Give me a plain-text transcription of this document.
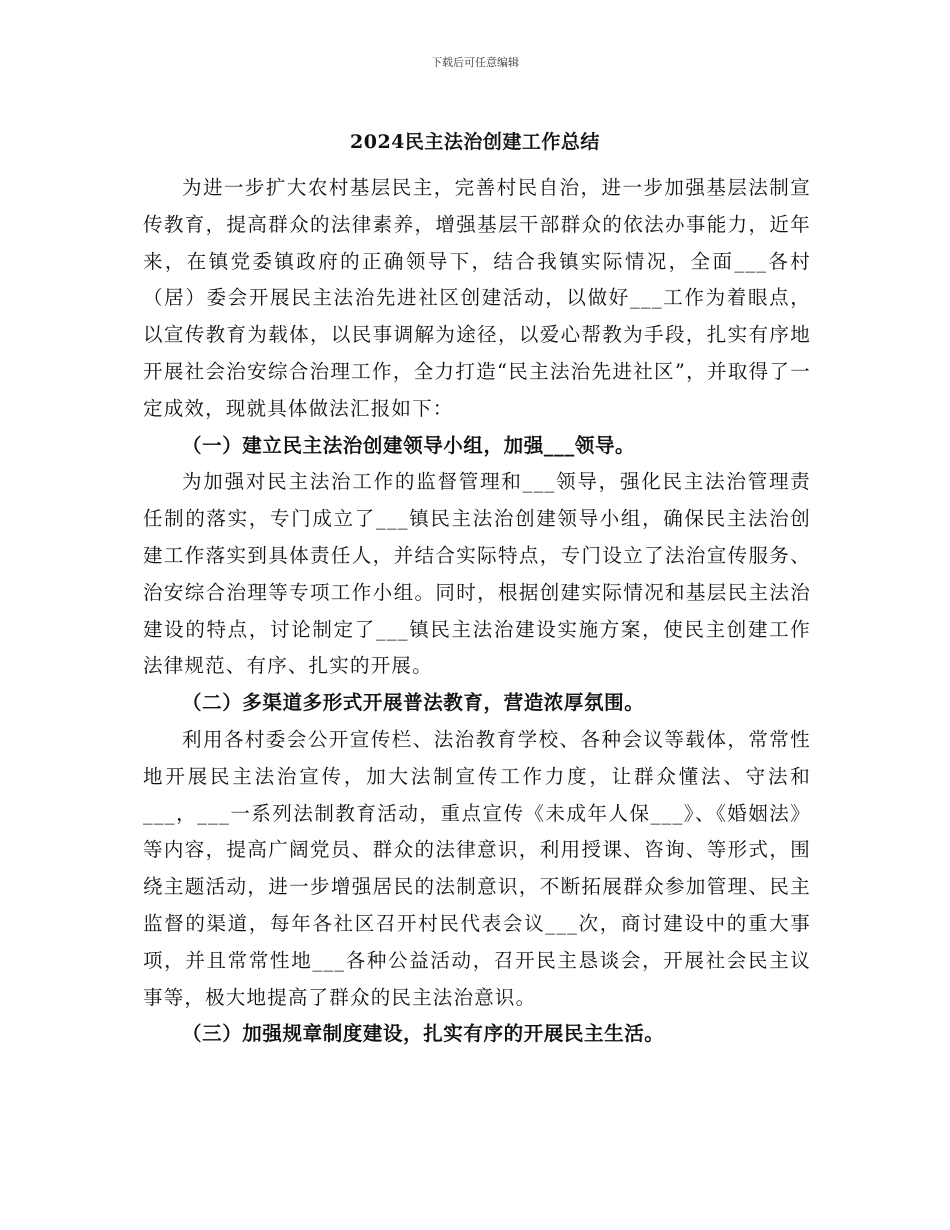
下载后可任意编辑
2024民主法治创建工作总结

为进一步扩大农村基层民主，完善村民自治，进一步加强基层法制宣传教育，提高群众的法律素养，增强基层干部群众的依法办事能力，近年来，在镇党委镇政府的正确领导下，结合我镇实际情况，全面___各村（居）委会开展民主法治先进社区创建活动，以做好___工作为着眼点，以宣传教育为载体，以民事调解为途径，以爱心帮教为手段，扎实有序地开展社会治安综合治理工作，全力打造“民主法治先进社区”，并取得了一定成效，现就具体做法汇报如下：

（一）建立民主法治创建领导小组，加强___领导。

为加强对民主法治工作的监督管理和___领导，强化民主法治管理责任制的落实，专门成立了___镇民主法治创建领导小组，确保民主法治创建工作落实到具体责任人，并结合实际特点，专门设立了法治宣传服务、治安综合治理等专项工作小组。同时，根据创建实际情况和基层民主法治建设的特点，讨论制定了___镇民主法治建设实施方案，使民主创建工作法律规范、有序、扎实的开展。

（二）多渠道多形式开展普法教育，营造浓厚氛围。

利用各村委会公开宣传栏、法治教育学校、各种会议等载体，常常性地开展民主法治宣传，加大法制宣传工作力度，让群众懂法、守法和___，___一系列法制教育活动，重点宣传《未成年人保___》、《婚姻法》等内容，提高广阔党员、群众的法律意识，利用授课、咨询、等形式，围绕主题活动，进一步增强居民的法制意识，不断拓展群众参加管理、民主监督的渠道，每年各社区召开村民代表会议___次，商讨建设中的重大事项，并且常常性地___各种公益活动，召开民主恳谈会，开展社会民主议事等，极大地提高了群众的民主法治意识。

（三）加强规章制度建设，扎实有序的开展民主生活。
